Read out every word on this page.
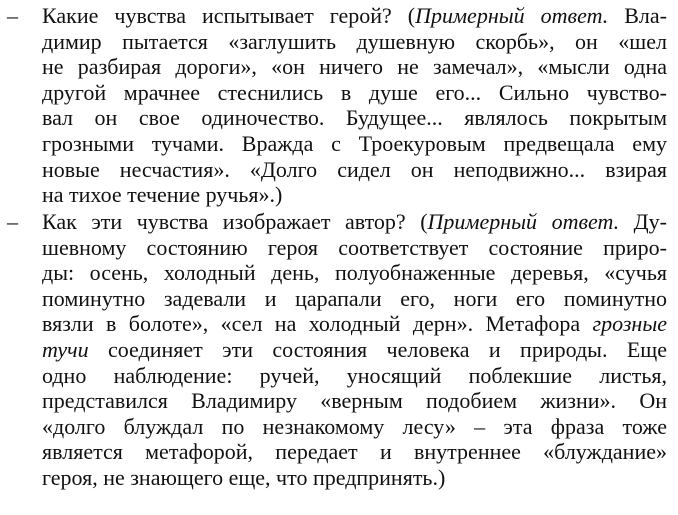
– Какие чувства испытывает герой? (Примерный ответ. Вла-
димир пытается «заглушить душевную скорбь», он «шел
не разбирая дороги», «он ничего не замечал», «мысли одна
другой мрачнее стеснились в душе его... Сильно чувство-
вал он свое одиночество. Будущее... являлось покрытым
грозными тучами. Вражда с Троекуровым предвещала ему
новые несчастия». «Долго сидел он неподвижно... взирая
на тихое течение ручья».)
– Как эти чувства изображает автор? (Примерный ответ. Ду-
шевному состоянию героя соответствует состояние приро-
ды: осень, холодный день, полуобнаженные деревья, «сучья
поминутно задевали и царапали его, ноги его поминутно
вязли в болоте», «сел на холодный дерн». Метафора грозные
тучи соединяет эти состояния человека и природы. Еще
одно наблюдение: ручей, уносящий поблекшие листья,
представился Владимиру «верным подобием жизни». Он
«долго блуждал по незнакомому лесу» – эта фраза тоже
является метафорой, передает и внутреннее «блуждание»
героя, не знающего еще, что предпринять.)
